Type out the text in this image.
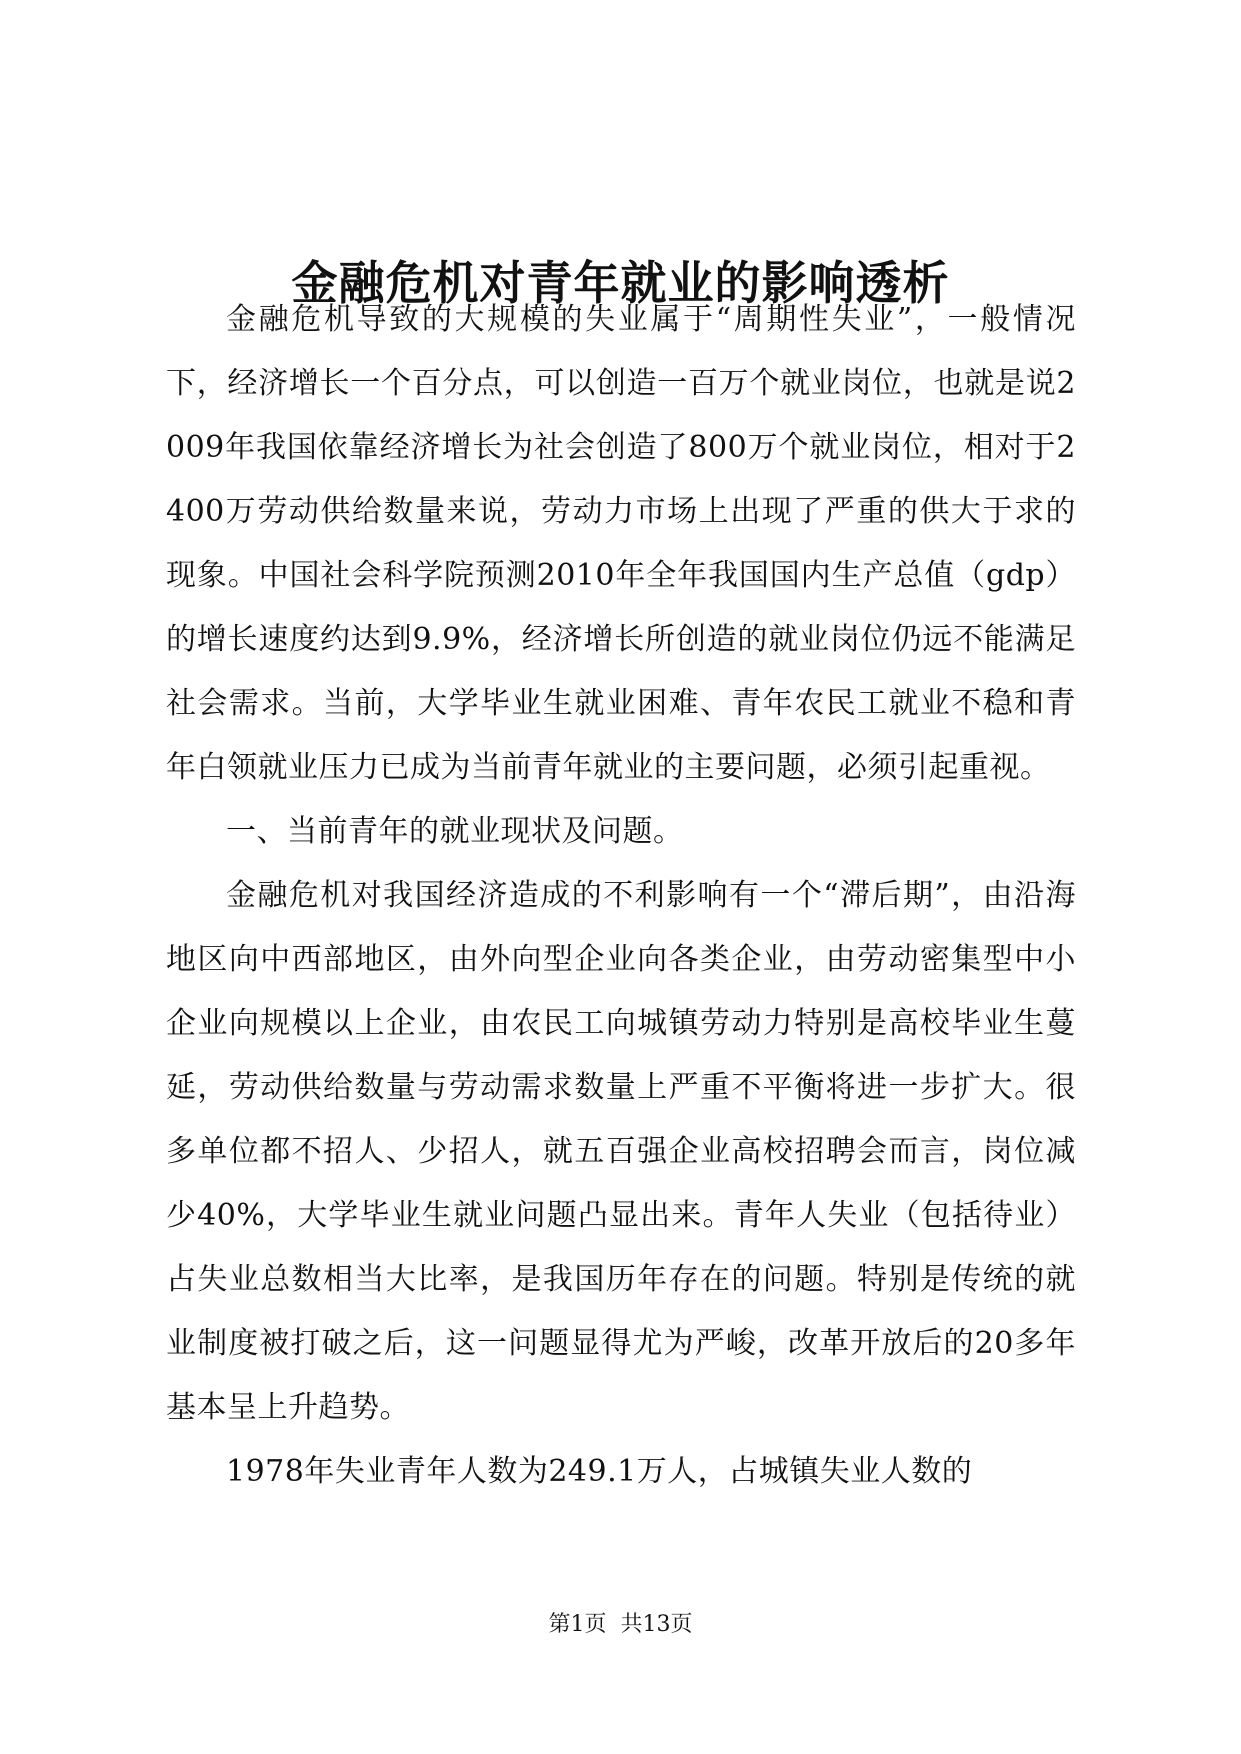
金融危机对青年就业的影响透析

金融危机导致的大规模的失业属于“周期性失业”，一般情况下，经济增长一个百分点，可以创造一百万个就业岗位，也就是说2009年我国依靠经济增长为社会创造了800万个就业岗位，相对于2400万劳动供给数量来说，劳动力市场上出现了严重的供大于求的现象。中国社会科学院预测2010年全年我国国内生产总值（gdp）的增长速度约达到9.9%，经济增长所创造的就业岗位仍远不能满足社会需求。当前，大学毕业生就业困难、青年农民工就业不稳和青年白领就业压力已成为当前青年就业的主要问题，必须引起重视。

一、当前青年的就业现状及问题。

金融危机对我国经济造成的不利影响有一个“滞后期”，由沿海地区向中西部地区，由外向型企业向各类企业，由劳动密集型中小企业向规模以上企业，由农民工向城镇劳动力特别是高校毕业生蔓延，劳动供给数量与劳动需求数量上严重不平衡将进一步扩大。很多单位都不招人、少招人，就五百强企业高校招聘会而言，岗位减少40%，大学毕业生就业问题凸显出来。青年人失业（包括待业）占失业总数相当大比率，是我国历年存在的问题。特别是传统的就业制度被打破之后，这一问题显得尤为严峻，改革开放后的20多年基本呈上升趋势。

1978年失业青年人数为249.1万人，占城镇失业人数的

第1页  共13页
